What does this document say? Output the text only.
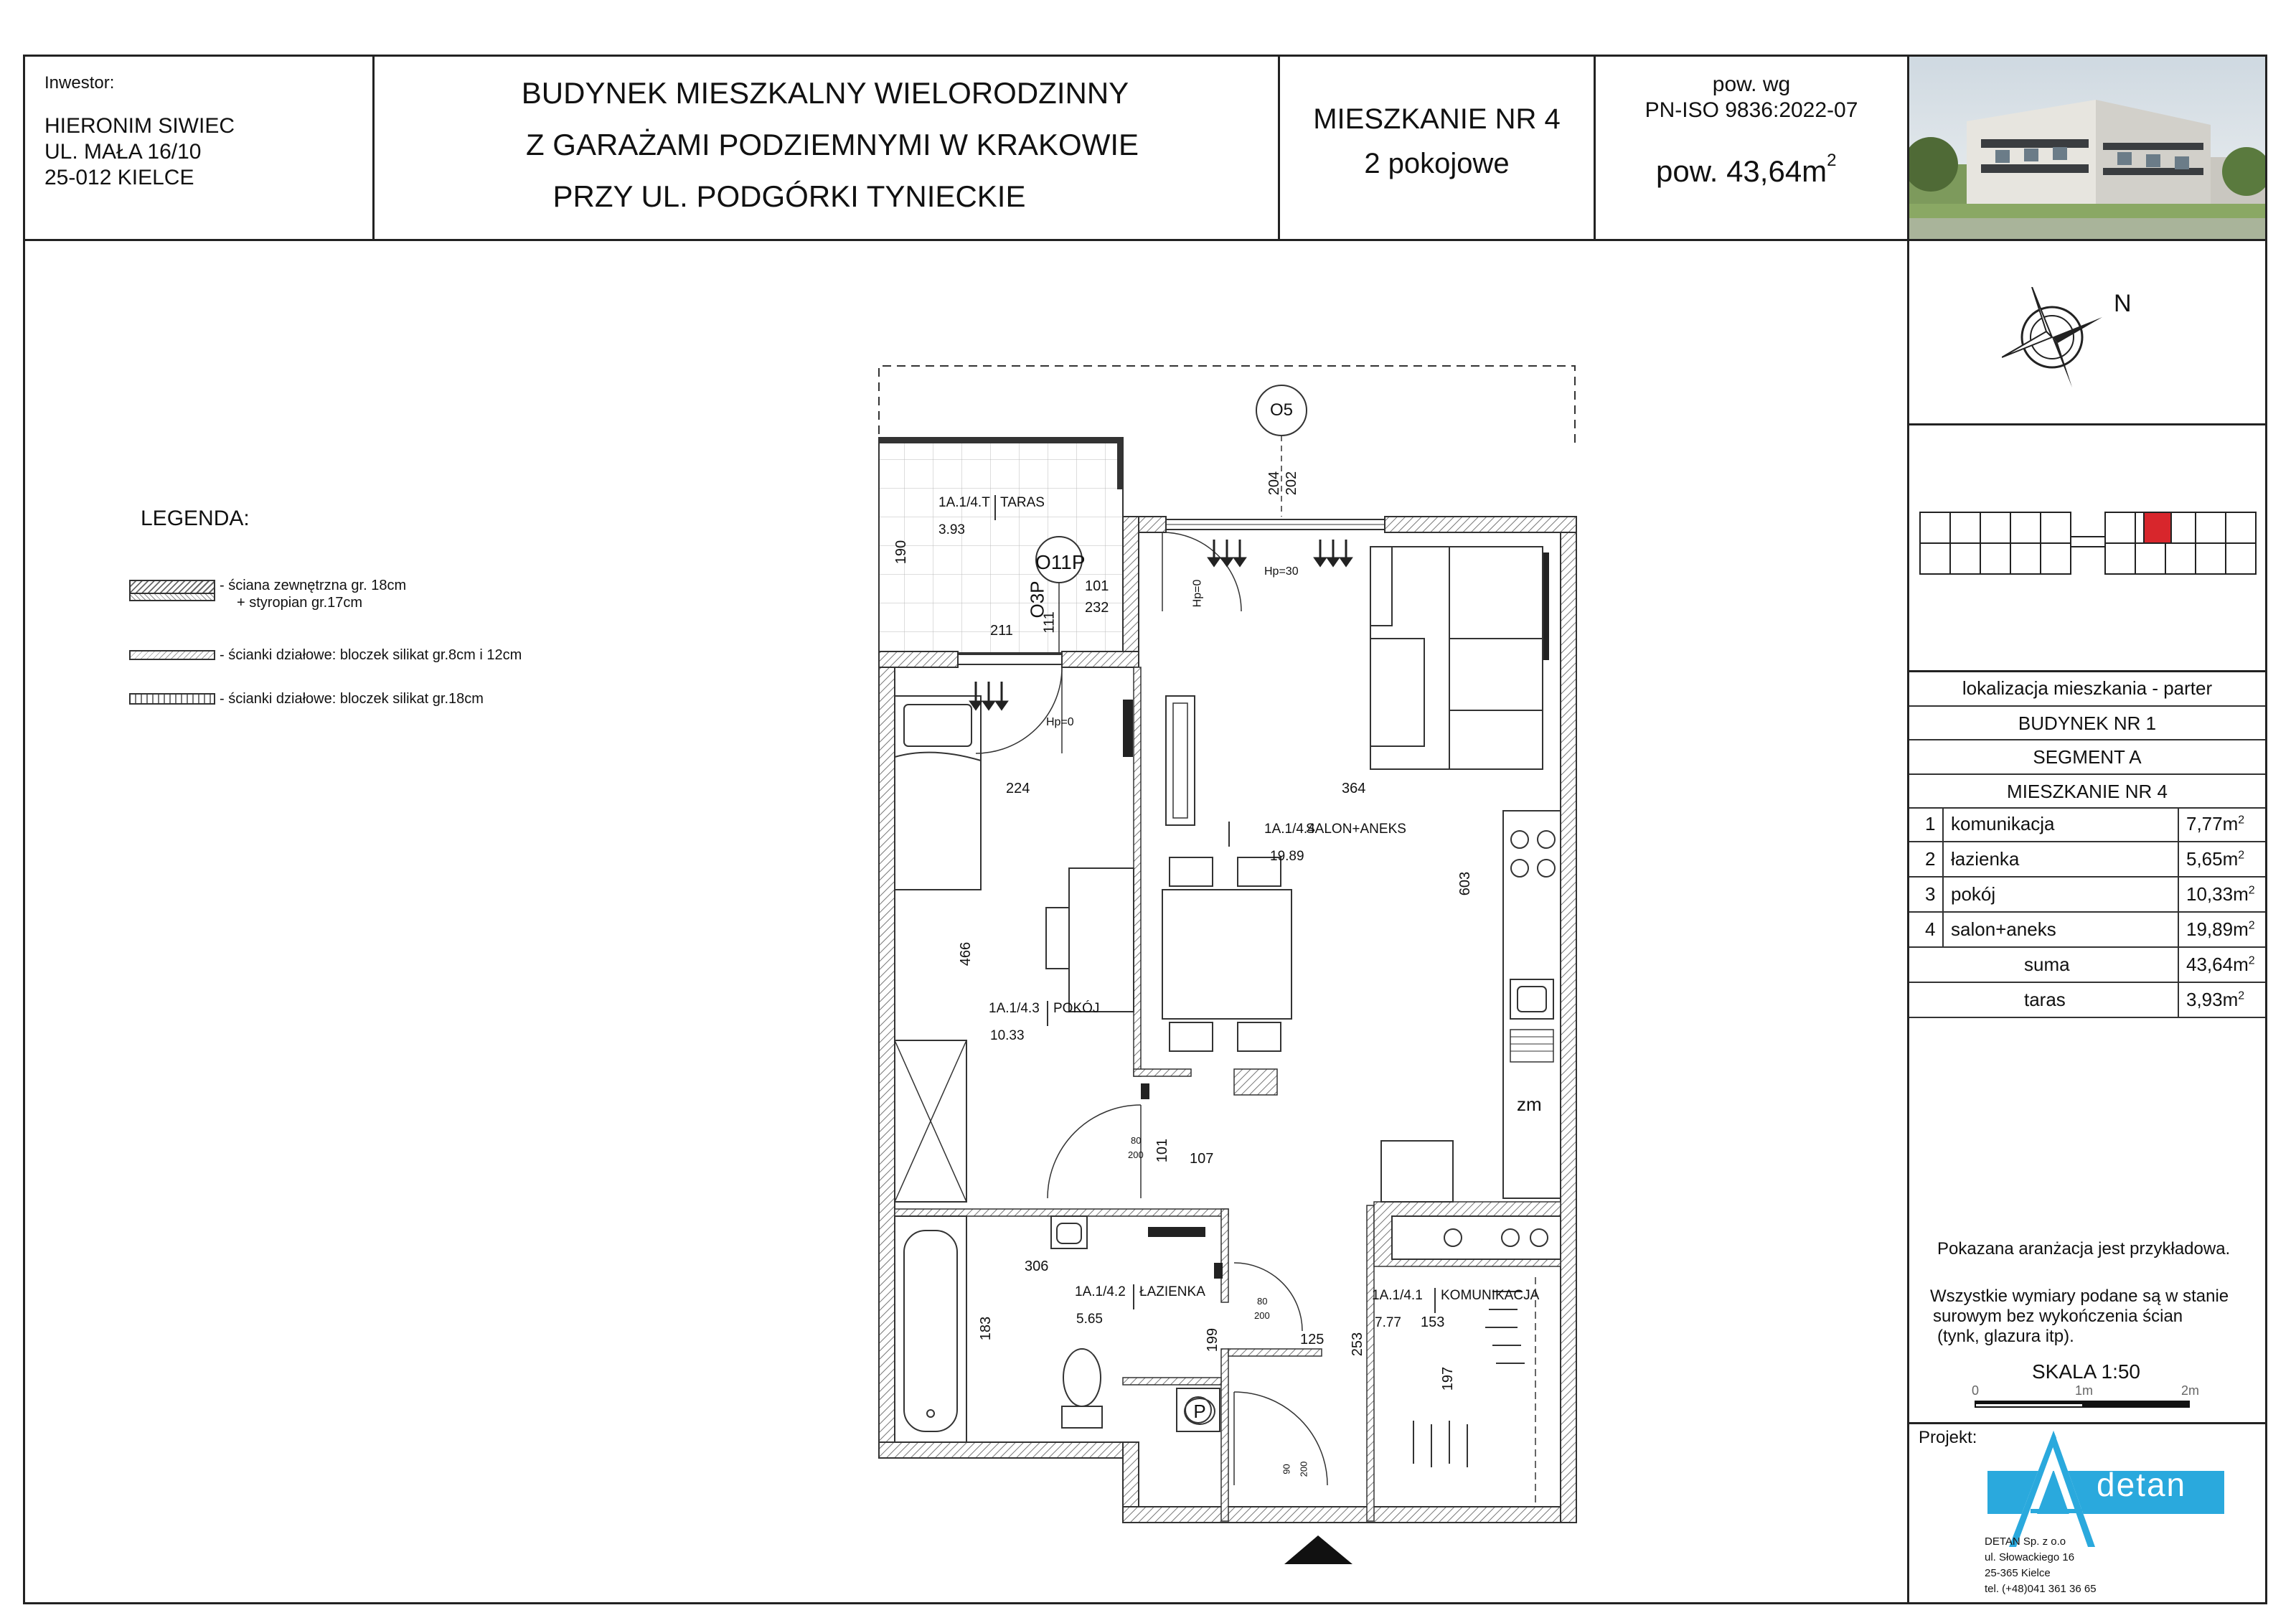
Inwestor:
HIERONIM SIWIEC
UL. MAŁA 16/10
25-012 KIELCE
BUDYNEK MIESZKALNY WIELORODZINNY
Z GARAŻAMI PODZIEMNYMI W KRAKOWIE
PRZY UL. PODGÓRKI TYNIECKIE
MIESZKANIE NR 4
2 pokojowe
pow. wg
PN-ISO 9836:2022-07
pow. $43,64m^2$
N
lokalizacja mieszkania - parter
BUDYNEK NR 1
SEGMENT A
MIESZKANIE NR 4
1 komunikacja	$7,77m^2$
2 łazienka	$5,65m^2$
3 pokój	$10,33m^2$
4 salon+aneks	$19,89m^2$
suma	$43,64m^2$
taras	$3,93m^2$
Pokazana aranżacja jest przykładowa.
Wszystkie wymiary podane są w stanie
surowym bez wykończenia ścian
(tynk, glazura itp).
SKALA 1:50
0	1m	2m
Projekt:
detan
DETAN Sp. z o.o
ul. Słowackiego 16
25-365 Kielce
tel. (+48)041 361 36 65
LEGENDA:
- ściana zewnętrzna gr. 18cm
+ styropian gr.17cm
- ścianki działowe: bloczek silikat gr.8cm i 12cm
- ścianki działowe: bloczek silikat gr.18cm
1A.1/4.T TARAS
3.93
1A.1/4.4
19.89
SALON+ANEKS
1A.1/4.3 POKÓJ
10.33
1A.1/4.2 ŁAZIENKA
5.65
1A.1/4.1 KOMUNIKACJA
7.77
190
211
101
232
111
224	364
603
466
204 202
107
101
306
183	199	125 253
153
197
90 200
80
200
80
200
O5
O11P
O3P
Hp=30
Hp=0
Hp=0
zm
P
